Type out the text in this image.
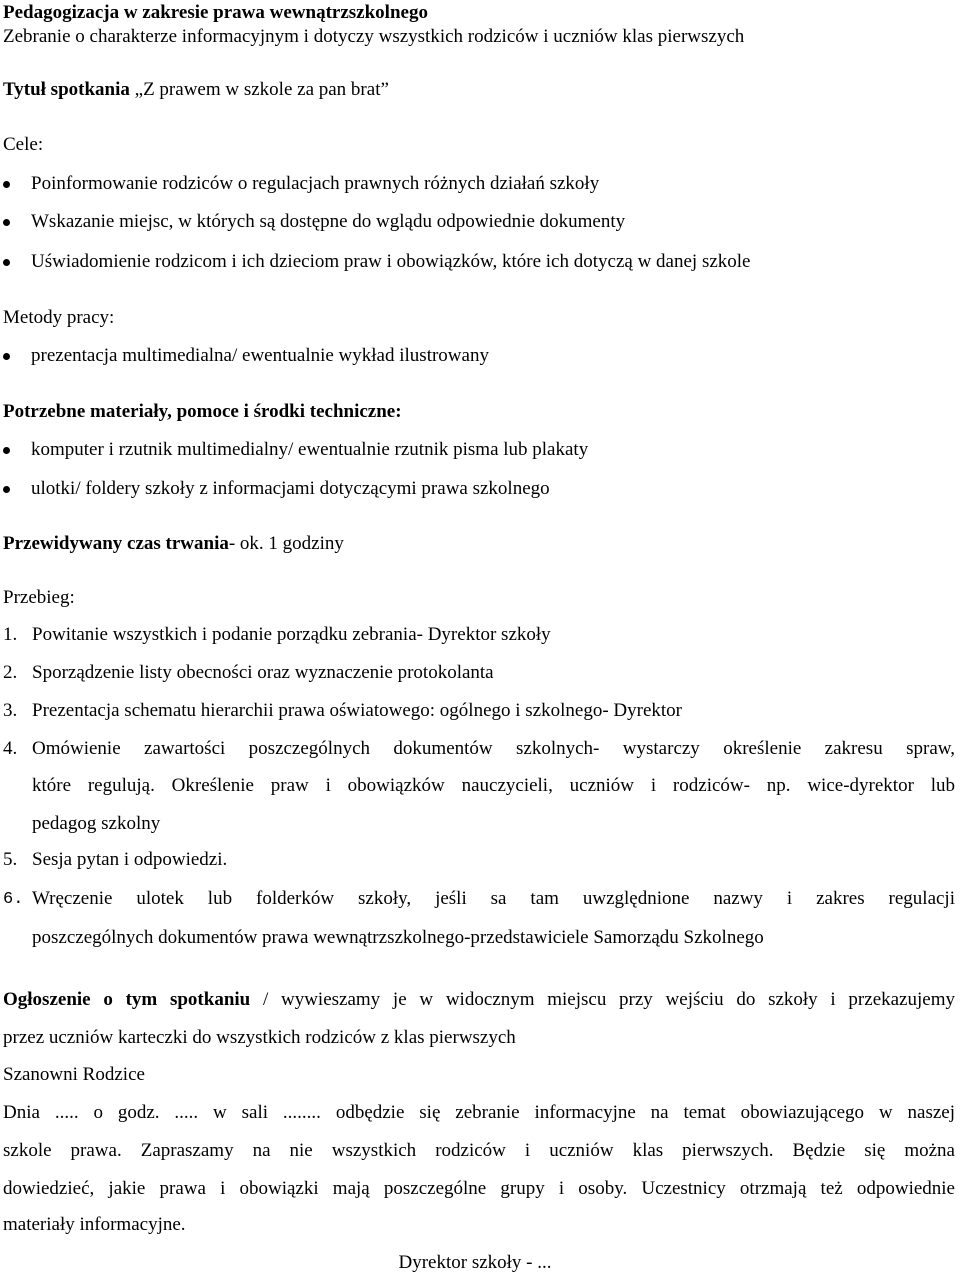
Pedagogizacja w zakresie prawa wewnątrzszkolnego
Zebranie o charakterze informacyjnym i dotyczy wszystkich rodziców i uczniów klas pierwszych
Tytuł spotkania „Z prawem w szkole za pan brat”
Cele:
Poinformowanie rodziców o regulacjach prawnych różnych działań szkoły
Wskazanie miejsc, w których są dostępne do wglądu odpowiednie dokumenty
Uświadomienie rodzicom i ich dzieciom praw i obowiązków, które ich dotyczą w danej szkole
Metody pracy:
prezentacja multimedialna/ ewentualnie wykład ilustrowany
Potrzebne materiały, pomoce i środki techniczne:
komputer i rzutnik multimedialny/ ewentualnie rzutnik pisma lub plakaty
ulotki/ foldery szkoły z informacjami dotyczącymi prawa szkolnego
Przewidywany czas trwania- ok. 1 godziny
Przebieg:
1. Powitanie wszystkich i podanie porządku zebrania- Dyrektor szkoły
2. Sporządzenie listy obecności oraz wyznaczenie protokolanta
3. Prezentacja schematu hierarchii prawa oświatowego: ogólnego i szkolnego- Dyrektor
4. Omówienie zawartości poszczególnych dokumentów szkolnych- wystarczy określenie zakresu spraw,
które regulują. Określenie praw i obowiązków nauczycieli, uczniów i rodziców- np. wice-dyrektor lub
pedagog szkolny
5. Sesja pytan i odpowiedzi.
6. Wręczenie ulotek lub folderków szkoły, jeśli sa tam uwzględnione nazwy i zakres regulacji
poszczególnych dokumentów prawa wewnątrzszkolnego-przedstawiciele Samorządu Szkolnego
Ogłoszenie o tym spotkaniu / wywieszamy je w widocznym miejscu przy wejściu do szkoły i przekazujemy
przez uczniów karteczki do wszystkich rodziców z klas pierwszych
Szanowni Rodzice
Dnia ..... o godz. ..... w sali ........ odbędzie się zebranie informacyjne na temat obowiazującego w naszej
szkole prawa. Zapraszamy na nie wszystkich rodziców i uczniów klas pierwszych. Będzie się można
dowiedzieć, jakie prawa i obowiązki mają poszczególne grupy i osoby. Uczestnicy otrzmają też odpowiednie
materiały informacyjne.
Dyrektor szkoły - ...
